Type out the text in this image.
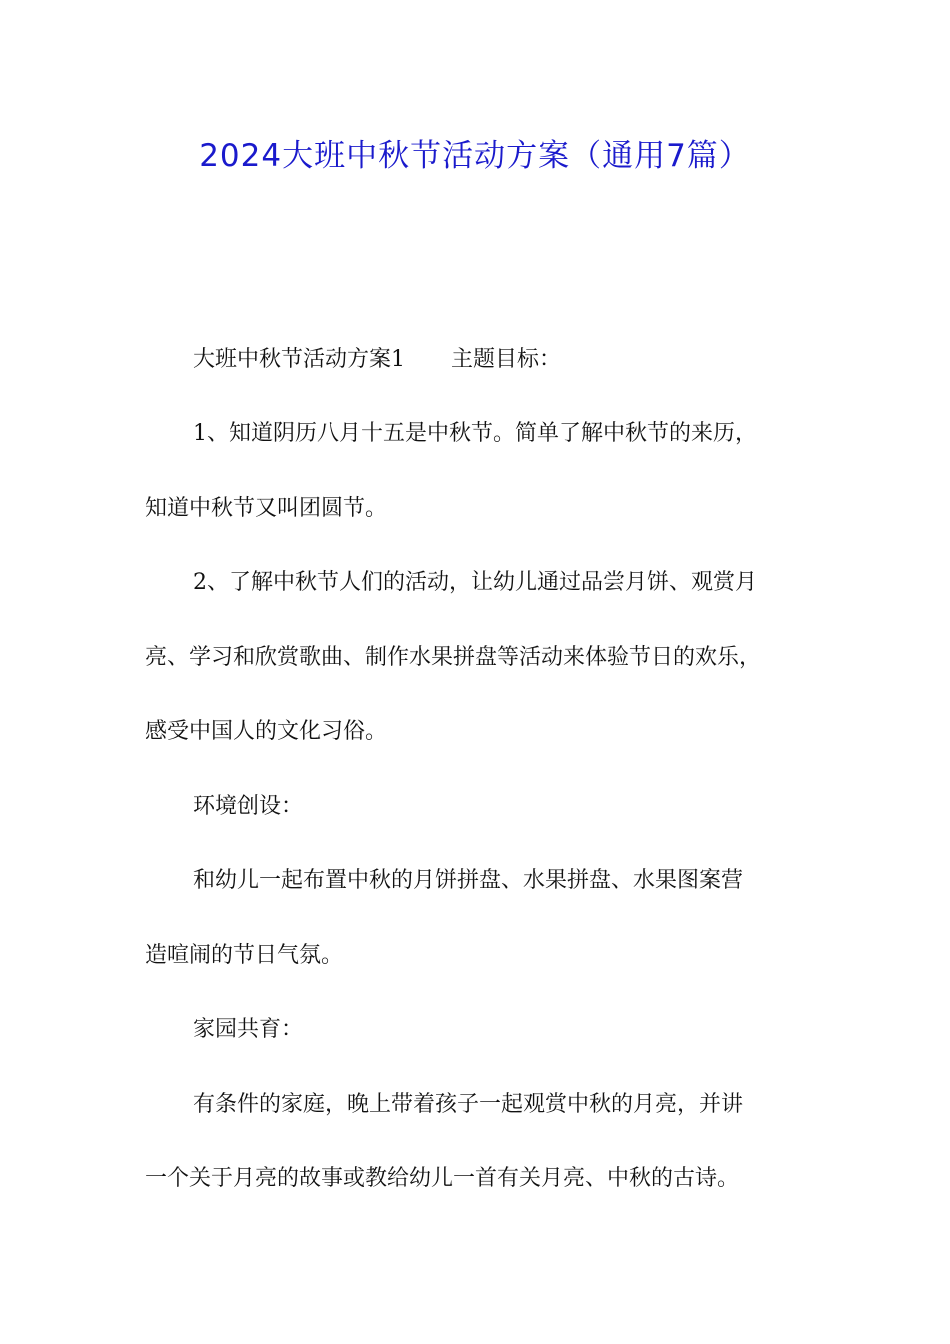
2024大班中秋节活动方案（通用7篇）
大班中秋节活动方案1 主题目标：
1、知道阴历八月十五是中秋节。简单了解中秋节的来历，
知道中秋节又叫团圆节。
2、了解中秋节人们的活动，让幼儿通过品尝月饼、观赏月
亮、学习和欣赏歌曲、制作水果拼盘等活动来体验节日的欢乐，
感受中国人的文化习俗。
环境创设：
和幼儿一起布置中秋的月饼拼盘、水果拼盘、水果图案营
造喧闹的节日气氛。
家园共育：
有条件的家庭，晚上带着孩子一起观赏中秋的月亮，并讲
一个关于月亮的故事或教给幼儿一首有关月亮、中秋的古诗。
